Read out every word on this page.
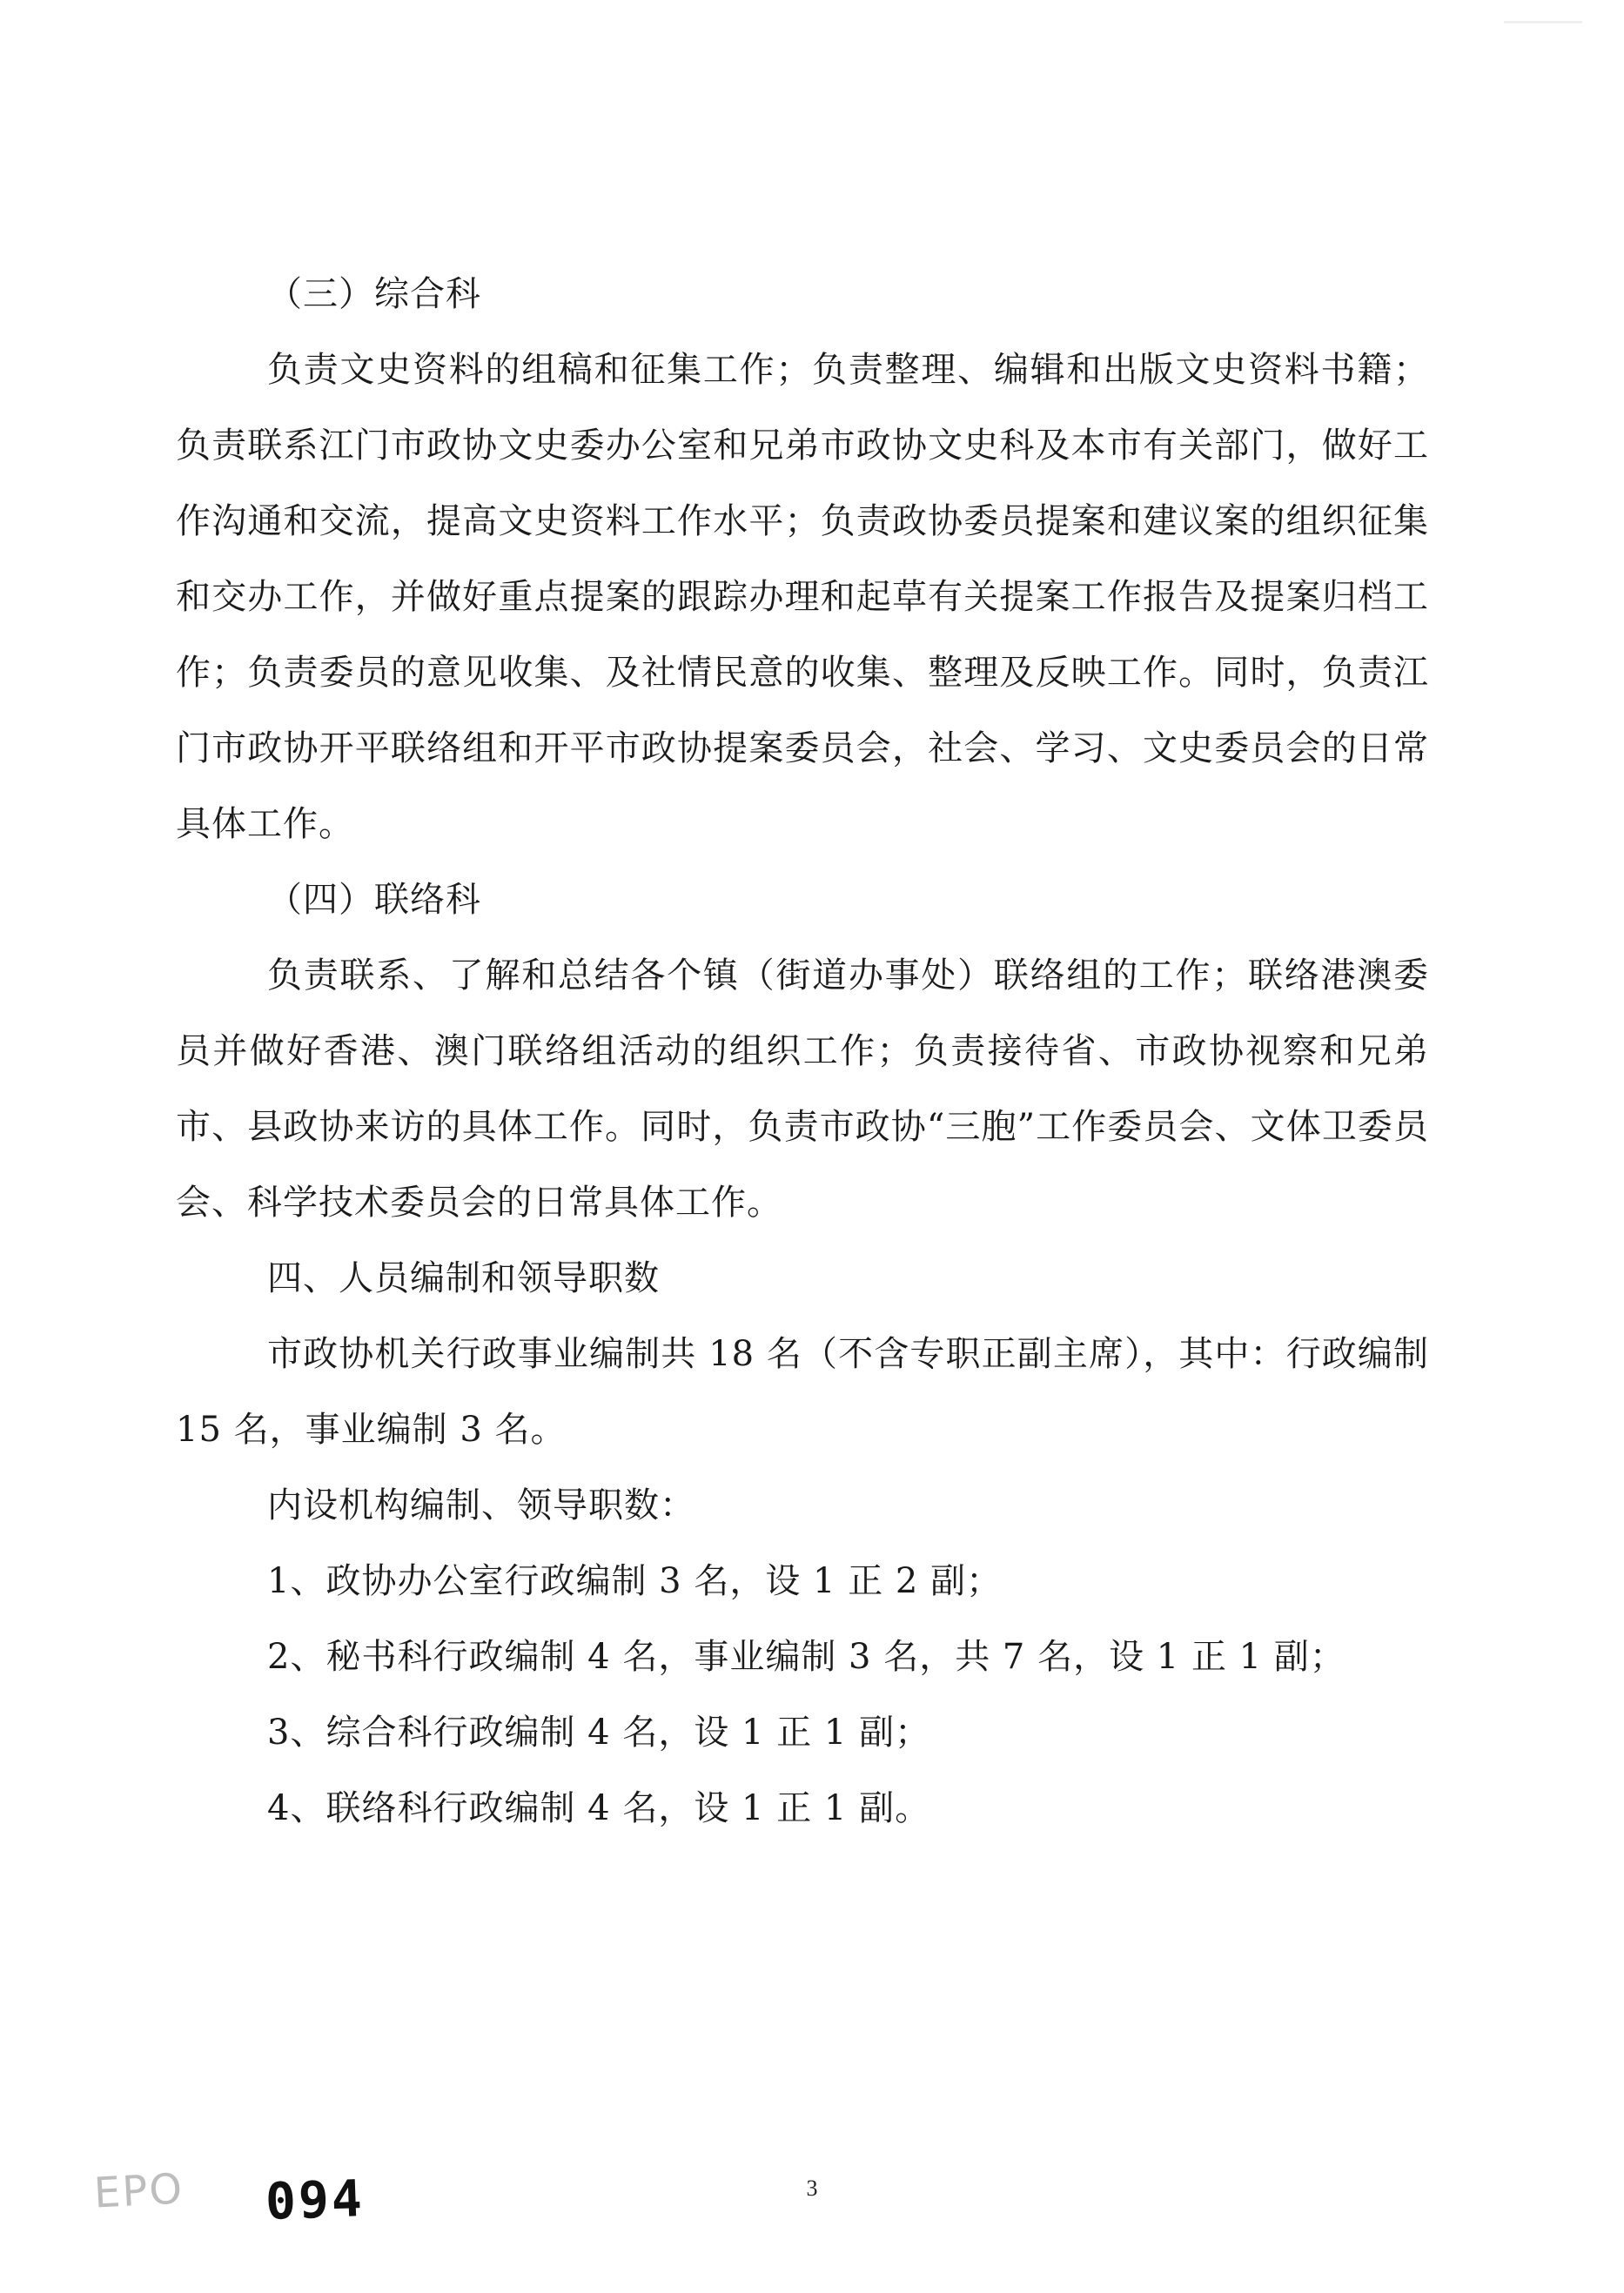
（三）综合科

负责文史资料的组稿和征集工作；负责整理、编辑和出版文史资料书籍；负责联系江门市政协文史委办公室和兄弟市政协文史科及本市有关部门，做好工作沟通和交流，提高文史资料工作水平；负责政协委员提案和建议案的组织征集和交办工作，并做好重点提案的跟踪办理和起草有关提案工作报告及提案归档工作；负责委员的意见收集、及社情民意的收集、整理及反映工作。同时，负责江门市政协开平联络组和开平市政协提案委员会，社会、学习、文史委员会的日常具体工作。

（四）联络科

负责联系、了解和总结各个镇（街道办事处）联络组的工作；联络港澳委员并做好香港、澳门联络组活动的组织工作；负责接待省、市政协视察和兄弟市、县政协来访的具体工作。同时，负责市政协“三胞”工作委员会、文体卫委员会、科学技术委员会的日常具体工作。

四、人员编制和领导职数

市政协机关行政事业编制共 18 名（不含专职正副主席），其中：行政编制 15 名，事业编制 3 名。

内设机构编制、领导职数：
1、政协办公室行政编制 3 名，设 1 正 2 副；
2、秘书科行政编制 4 名，事业编制 3 名，共 7 名，设 1 正 1 副；
3、综合科行政编制 4 名，设 1 正 1 副；
4、联络科行政编制 4 名，设 1 正 1 副。
EPO 094	3
